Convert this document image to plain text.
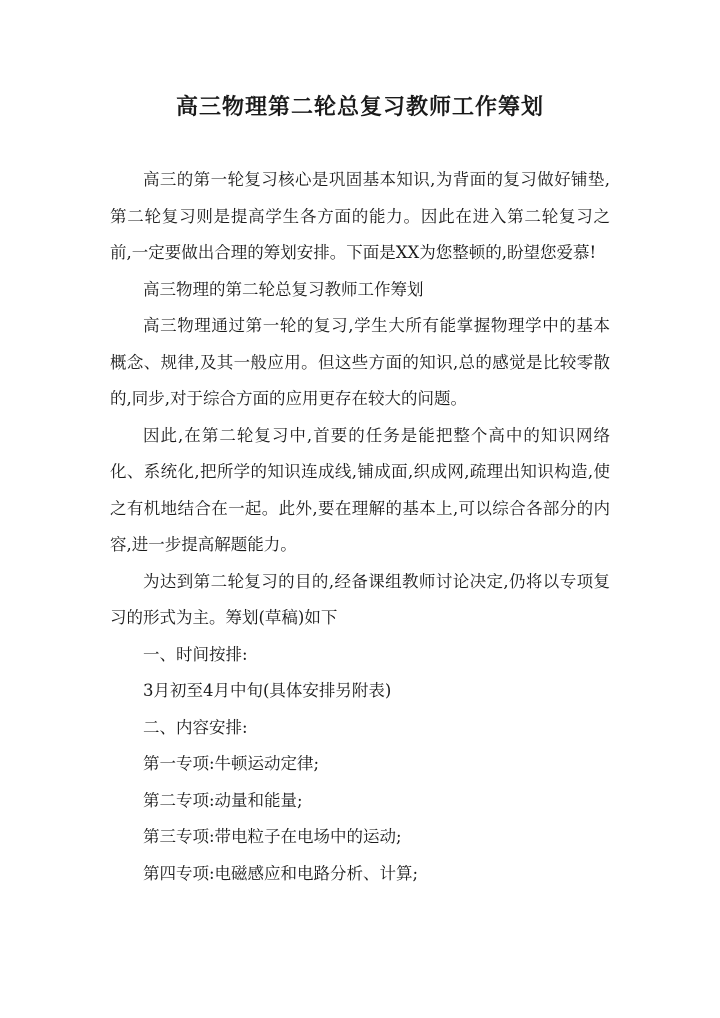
高三物理第二轮总复习教师工作筹划

高三的第一轮复习核心是巩固基本知识,为背面的复习做好铺垫,第二轮复习则是提高学生各方面的能力。因此在进入第二轮复习之前,一定要做出合理的筹划安排。下面是XX为您整顿的,盼望您爱慕!

高三物理的第二轮总复习教师工作筹划

高三物理通过第一轮的复习,学生大所有能掌握物理学中的基本概念、规律,及其一般应用。但这些方面的知识,总的感觉是比较零散的,同步,对于综合方面的应用更存在较大的问题。

因此,在第二轮复习中,首要的任务是能把整个高中的知识网络化、系统化,把所学的知识连成线,铺成面,织成网,疏理出知识构造,使之有机地结合在一起。此外,要在理解的基本上,可以综合各部分的内容,进一步提高解题能力。

为达到第二轮复习的目的,经备课组教师讨论决定,仍将以专项复习的形式为主。筹划(草稿)如下

一、时间按排:

3月初至4月中旬(具体安排另附表)

二、内容安排:

第一专项:牛顿运动定律;

第二专项:动量和能量;

第三专项:带电粒子在电场中的运动;

第四专项:电磁感应和电路分析、计算;
